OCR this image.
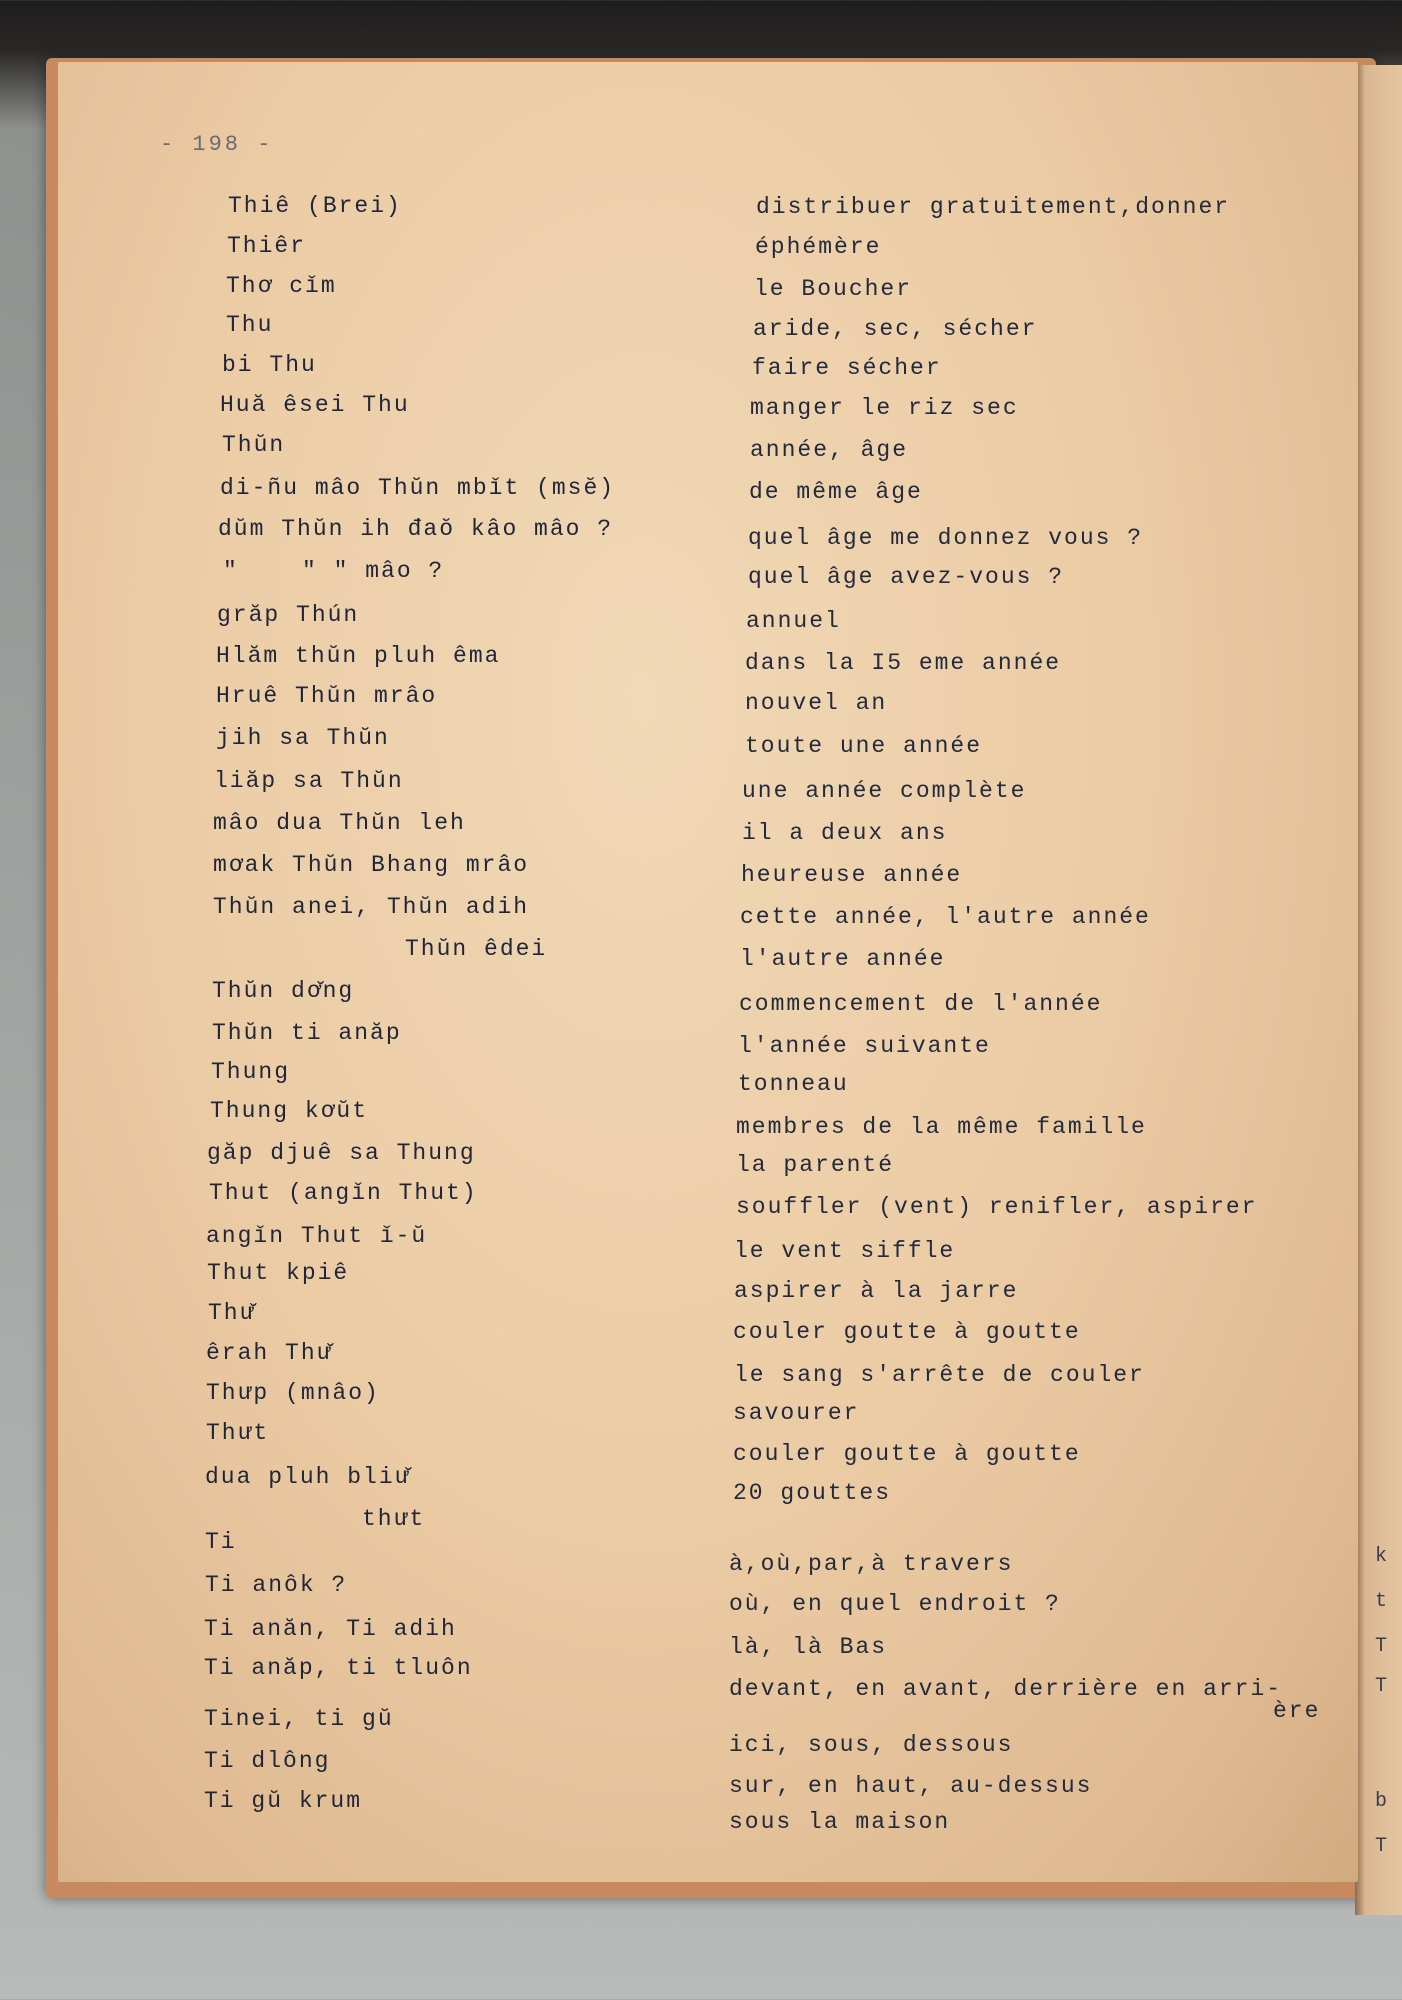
k
t
T
T
b
T
- 198 -
Thiê (Brei)
Thiêr
Thơ cǐm
Thu
bi Thu
Huă êsei Thu
Thŭn
di-ñu mâo Thŭn mbǐt (msĕ)
dŭm Thŭn ih đaŏ kâo mâo ?
"    " " mâo ?
grăp Thún
Hlăm thŭn pluh êma
Hruê Thŭn mrâo
jih sa Thŭn
liăp sa Thŭn
mâo dua Thŭn leh
mơak Thŭn Bhang mrâo
Thŭn anei, Thŭn adih
Thŭn êdei
Thŭn dơ̆ng
Thŭn ti anăp
Thung
Thung kơŭt
găp djuê sa Thung
Thut (angǐn Thut)
angǐn Thut ǐ-ŭ
Thut kpiê
Thư̆
êrah Thư̆
Thưp (mnâo)
Thưt
dua pluh bliư̆
thưt
Ti
Ti anôk ?
Ti anăn, Ti adih
Ti anăp, ti tluôn
Tinei, ti gŭ
Ti dlông
Ti gŭ krum
distribuer gratuitement,donner
éphémère
le Boucher
aride, sec, sécher
faire sécher
manger le riz sec
année, âge
de même âge
quel âge me donnez vous ?
quel âge avez-vous ?
annuel
dans la I5 eme année
nouvel an
toute une année
une année complète
il a deux ans
heureuse année
cette année, l'autre année
l'autre année
commencement de l'année
l'année suivante
tonneau
membres de la même famille
la parenté
souffler (vent) renifler, aspirer
le vent siffle
aspirer à la jarre
couler goutte à goutte
le sang s'arrête de couler
savourer
couler goutte à goutte
20 gouttes
à,où,par,à travers
où, en quel endroit ?
là, là Bas
devant, en avant, derrière en arri-
ère
ici, sous, dessous
sur, en haut, au-dessus
sous la maison
